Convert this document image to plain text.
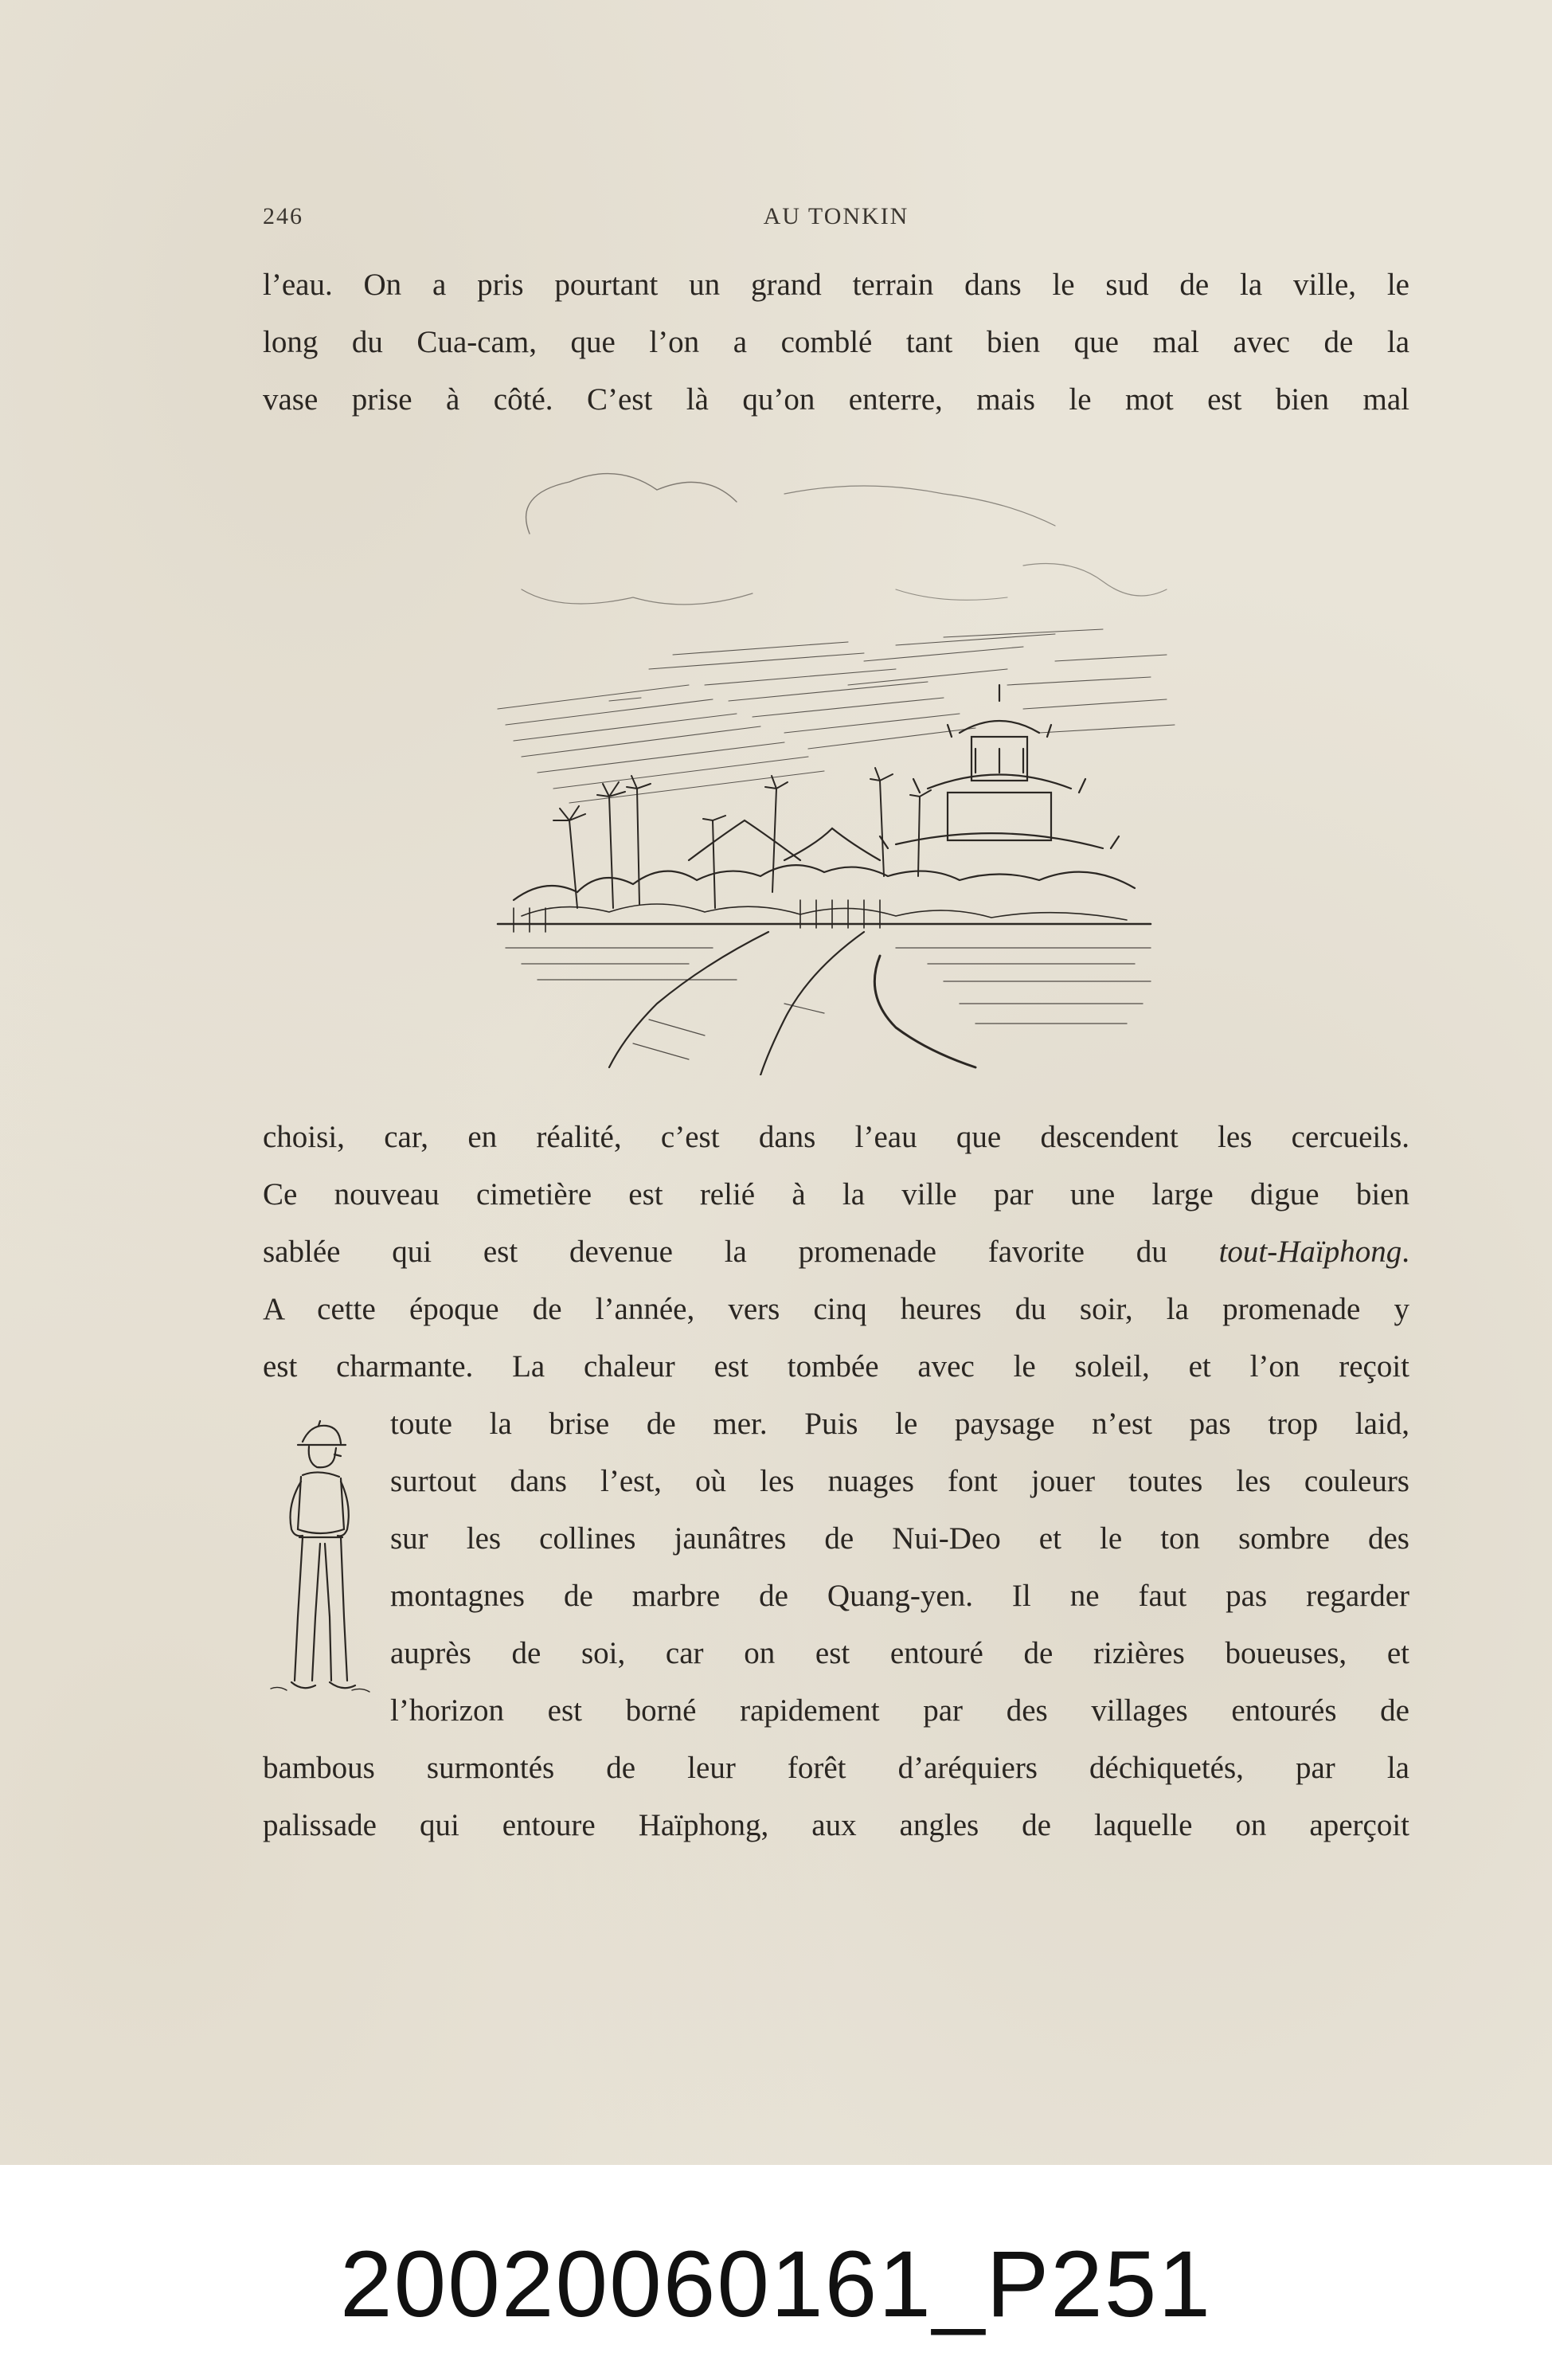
246	AU TONKIN
l’eau. On a pris pourtant un grand terrain dans le sud de la ville, le
long du Cua-cam, que l’on a comblé tant bien que mal avec de la
vase prise à côté. C’est là qu’on enterre, mais le mot est bien mal
choisi, car, en réalité, c’est dans l’eau que descendent les cercueils.
Ce nouveau cimetière est relié à la ville par une large digue bien
sablée qui est devenue la promenade favorite du tout-Haïphong.
A cette époque de l’année, vers cinq heures du soir, la promenade y
est charmante. La chaleur est tombée avec le soleil, et l’on reçoit
toute la brise de mer. Puis le paysage n’est pas trop laid,
surtout dans l’est, où les nuages font jouer toutes les couleurs
sur les collines jaunâtres de Nui-Deo et le ton sombre des
montagnes de marbre de Quang-yen. Il ne faut pas regarder
auprès de soi, car on est entouré de rizières boueuses, et
l’horizon est borné rapidement par des villages entourés de
bambous surmontés de leur forêt d’aréquiers déchiquetés, par la
palissade qui entoure Haïphong, aux angles de laquelle on aperçoit
20020060161_P251
